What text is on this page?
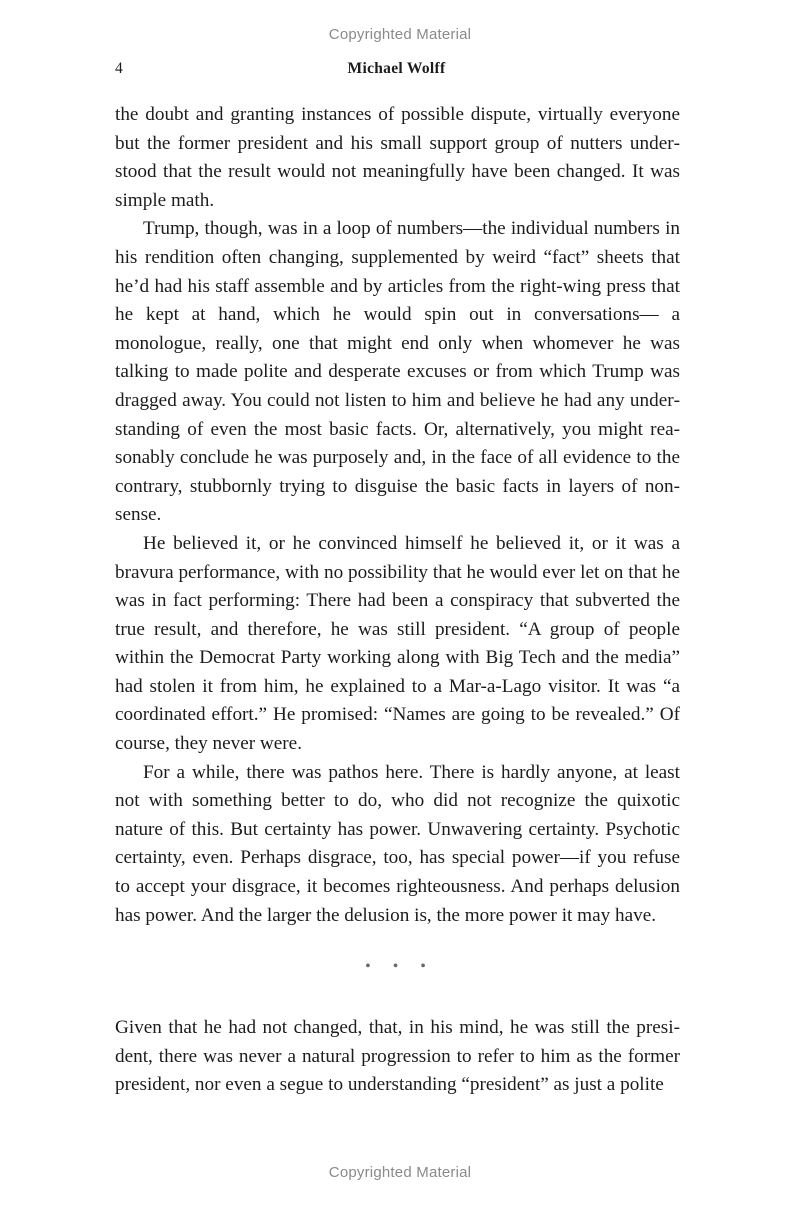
Copyrighted Material
4	Michael Wolff

the doubt and granting instances of possible dispute, virtually everyone but the former president and his small support group of nutters understood that the result would not meaningfully have been changed. It was simple math.

Trump, though, was in a loop of numbers—the individual numbers in his rendition often changing, supplemented by weird “fact” sheets that he’d had his staff assemble and by articles from the right-wing press that he kept at hand, which he would spin out in conversations— a monologue, really, one that might end only when whomever he was talking to made polite and desperate excuses or from which Trump was dragged away. You could not listen to him and believe he had any understanding of even the most basic facts. Or, alternatively, you might reasonably conclude he was purposely and, in the face of all evidence to the contrary, stubbornly trying to disguise the basic facts in layers of nonsense.

He believed it, or he convinced himself he believed it, or it was a bravura performance, with no possibility that he would ever let on that he was in fact performing: There had been a conspiracy that subverted the true result, and therefore, he was still president. “A group of people within the Democrat Party working along with Big Tech and the media” had stolen it from him, he explained to a Mar-a-Lago visitor. It was “a coordinated effort.” He promised: “Names are going to be revealed.” Of course, they never were.

For a while, there was pathos here. There is hardly anyone, at least not with something better to do, who did not recognize the quixotic nature of this. But certainty has power. Unwavering certainty. Psychotic certainty, even. Perhaps disgrace, too, has special power—if you refuse to accept your disgrace, it becomes righteousness. And perhaps delusion has power. And the larger the delusion is, the more power it may have.

• • •

Given that he had not changed, that, in his mind, he was still the president, there was never a natural progression to refer to him as the former president, nor even a segue to understanding “president” as just a polite

Copyrighted Material
